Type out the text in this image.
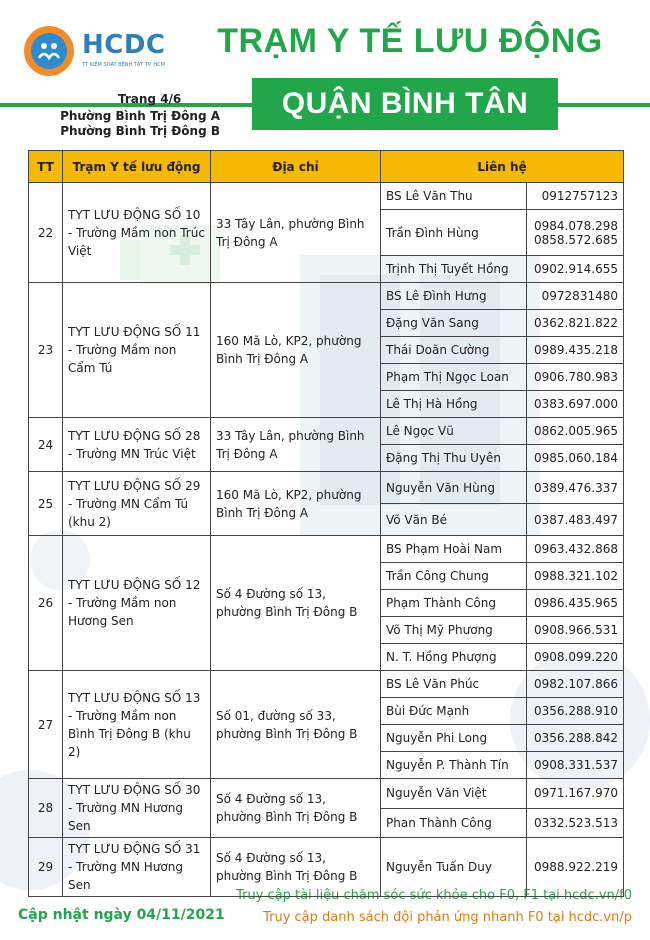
HCDC
TT KIỂM SOÁT BỆNH TẬT TP. HCM
TRẠM Y TẾ LƯU ĐỘNG
QUẬN BÌNH TÂN
Trang 4/6
Phường Bình Trị Đông A
Phường Bình Trị Đông B
TT	Trạm Y tế lưu động	Địa chỉ	Liên hệ	
22	TYT LƯU ĐỘNG SỐ 10 - Trường Mầm non Trúc Việt	33 Tây Lân, phường Bình Trị Đông A	BS Lê Văn Thu	0912757123
			Trần Đình Hùng	0984.078.298
0858.572.685
			Trịnh Thị Tuyết Hồng	0902.914.655
23	TYT LƯU ĐỘNG SỐ 11 - Trường Mầm non Cẩm Tú	160 Mã Lò, KP2, phường Bình Trị Đông A	BS Lê Đình Hưng	0972831480
			Đặng Văn Sang	0362.821.822
			Thái Doãn Cường	0989.435.218
			Phạm Thị Ngọc Loan	0906.780.983
			Lê Thị Hà Hồng	0383.697.000
24	TYT LƯU ĐỘNG SỐ 28 - Trường MN Trúc Việt	33 Tây Lân, phường Bình Trị Đông A	Lê Ngọc Vũ	0862.005.965
			Đặng Thị Thu Uyên	0985.060.184
25	TYT LƯU ĐỘNG SỐ 29 - Trường MN Cẩm Tú (khu 2)	160 Mã Lò, KP2, phường Bình Trị Đông A	Nguyễn Văn Hùng	0389.476.337
			Võ Văn Bé	0387.483.497
26	TYT LƯU ĐỘNG SỐ 12 - Trường Mầm non Hương Sen	Số 4 Đường số 13, phường Bình Trị Đông B	BS Phạm Hoài Nam	0963.432.868
			Trần Công Chung	0988.321.102
			Phạm Thành Công	0986.435.965
			Võ Thị Mỹ Phương	0908.966.531
			N. T. Hồng Phượng	0908.099.220
27	TYT LƯU ĐỘNG SỐ 13 - Trường Mầm non Bình Trị Đông B (khu 2)	Số 01, đường số 33, phường Bình Trị Đông B	BS Lê Văn Phúc	0982.107.866
			Bùi Đức Mạnh	0356.288.910
			Nguyễn Phi Long	0356.288.842
			Nguyễn P. Thành Tín	0908.331.537
28	TYT LƯU ĐỘNG SỐ 30 - Trường MN Hương Sen	Số 4 Đường số 13, phường Bình Trị Đông B	Nguyễn Văn Việt	0971.167.970
			Phan Thành Công	0332.523.513
29	TYT LƯU ĐỘNG SỐ 31 - Trường MN Hương Sen	Số 4 Đường số 13, phường Bình Trị Đông B	Nguyễn Tuấn Duy	0988.922.219
Truy cập tài liệu chăm sóc sức khỏe cho F0, F1 tại hcdc.vn/f0
Cập nhật ngày 04/11/2021	Truy cập danh sách đội phản ứng nhanh F0 tại hcdc.vn/p
